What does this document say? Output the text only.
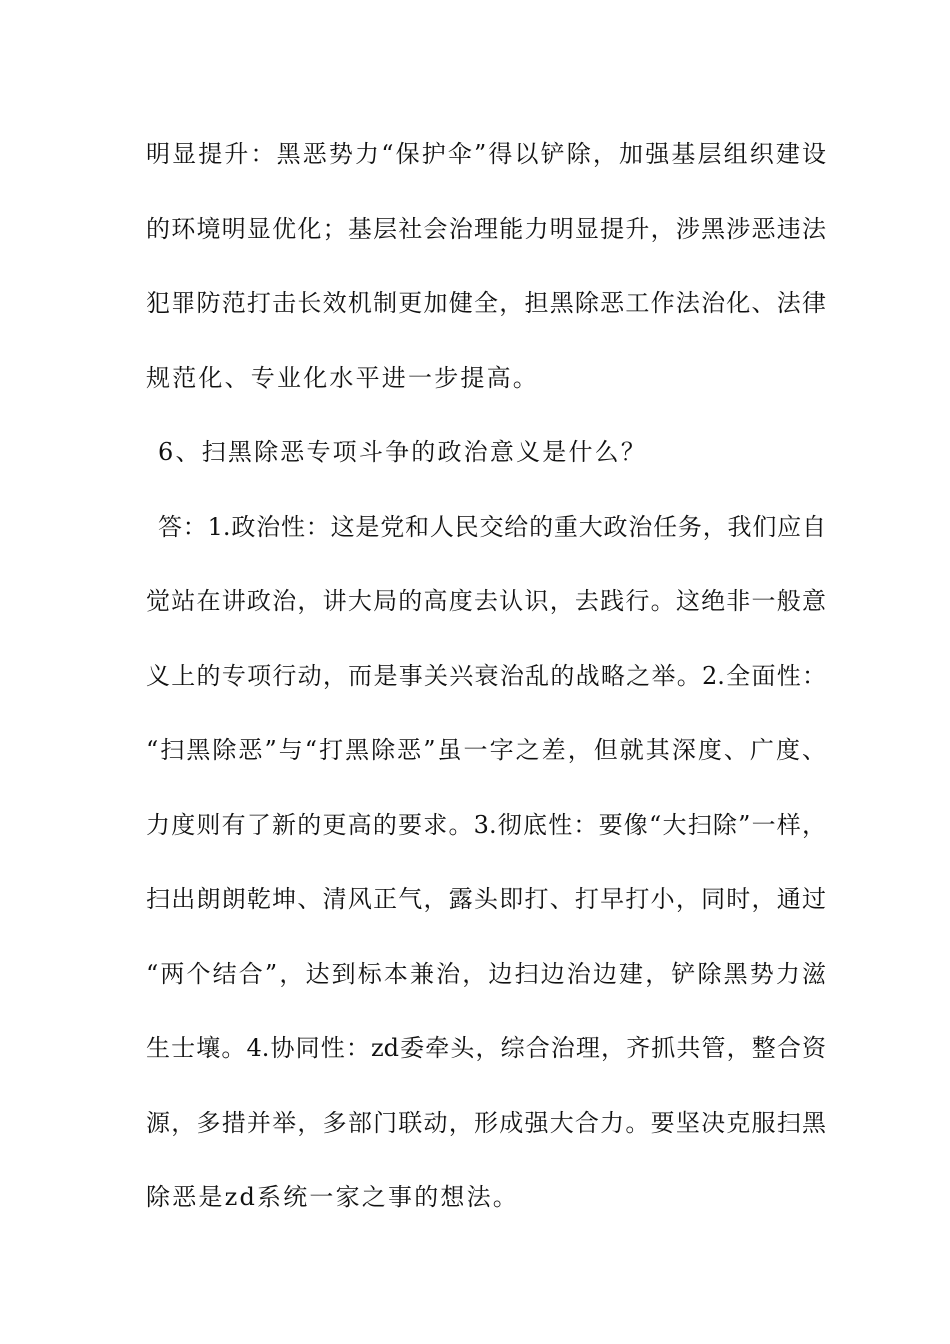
明显提升：黑恶势力“保护伞”得以铲除，加强基层组织建设
的环境明显优化；基层社会治理能力明显提升，涉黑涉恶违法
犯罪防范打击长效机制更加健全，担黑除恶工作法治化、法律
规范化、专业化水平进一步提高。
6、扫黑除恶专项斗争的政治意义是什么？
答：1.政治性：这是党和人民交给的重大政治任务，我们应自
觉站在讲政治，讲大局的高度去认识，去践行。这绝非一般意
义上的专项行动，而是事关兴衰治乱的战略之举。2.全面性：
“扫黑除恶”与“打黑除恶”虽一字之差，但就其深度、广度、
力度则有了新的更高的要求。3.彻底性：要像“大扫除”一样，
扫出朗朗乾坤、清风正气，露头即打、打早打小，同时，通过
“两个结合”，达到标本兼治，边扫边治边建，铲除黑势力滋
生士壤。4.协同性：zd委牵头，综合治理，齐抓共管，整合资
源，多措并举，多部门联动，形成强大合力。要坚决克服扫黑
除恶是zd系统一家之事的想法。
